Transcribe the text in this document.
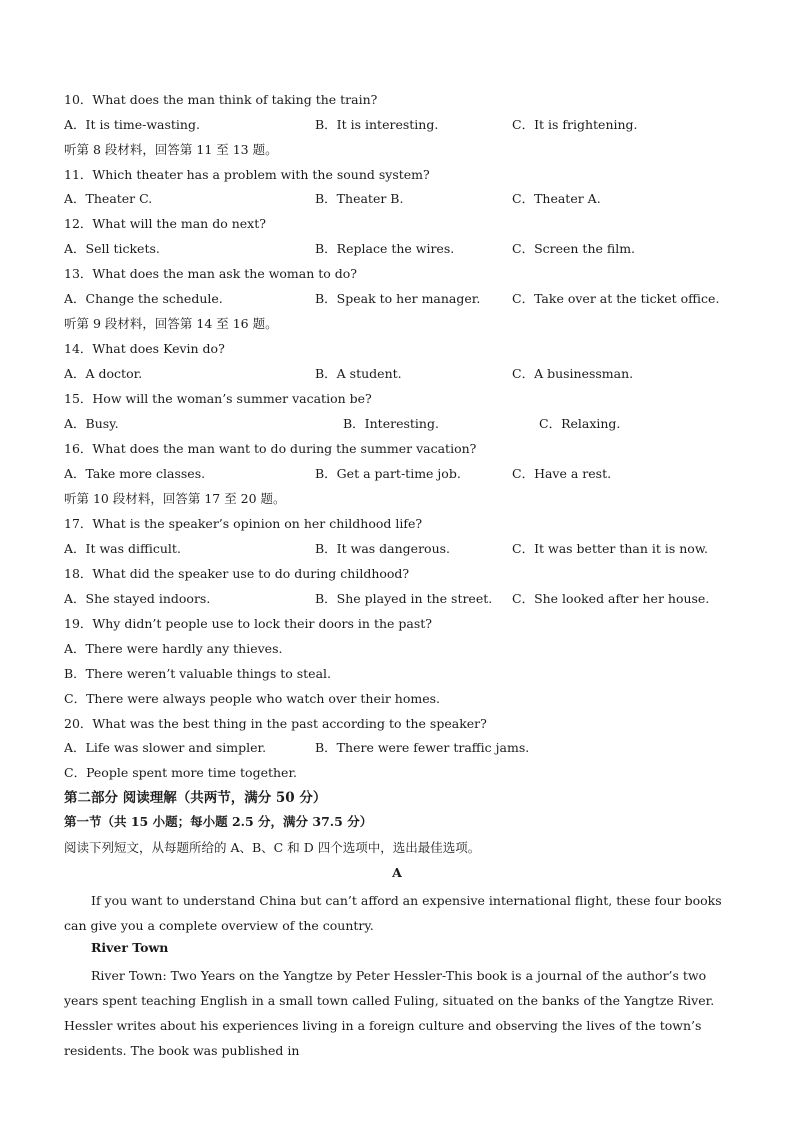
10．What does the man think of taking the train?
A．It is time-wasting.	B．It is interesting.	C．It is frightening.
听第 8 段材料，回答第 11 至 13 题。
11．Which theater has a problem with the sound system?
A．Theater C.	B．Theater B.	C．Theater A.
12．What will the man do next?
A．Sell tickets.	B．Replace the wires.	C．Screen the film.
13．What does the man ask the woman to do?
A．Change the schedule.	B．Speak to her manager.	C．Take over at the ticket office.
听第 9 段材料，回答第 14 至 16 题。
14．What does Kevin do?
A．A doctor.	B．A student.	C．A businessman.
15．How will the woman’s summer vacation be?
A．Busy.	B．Interesting.	C．Relaxing.
16．What does the man want to do during the summer vacation?
A．Take more classes.	B．Get a part-time job.	C．Have a rest.
听第 10 段材料，回答第 17 至 20 题。
17．What is the speaker’s opinion on her childhood life?
A．It was difficult.	B．It was dangerous.	C．It was better than it is now.
18．What did the speaker use to do during childhood?
A．She stayed indoors.	B．She played in the street. C．She looked after her house.
19．Why didn’t people use to lock their doors in the past?
A．There were hardly any thieves.
B．There weren’t valuable things to steal.
C．There were always people who watch over their homes.
20．What was the best thing in the past according to the speaker?
A．Life was slower and simpler.	B．There were fewer traffic jams.
C．People spent more time together.
第二部分 阅读理解（共两节，满分 50 分）
第一节（共 15 小题；每小题 2.5 分，满分 37.5 分）
阅读下列短文，从每题所给的 A、B、C 和 D 四个选项中，选出最佳选项。
A
If you want to understand China but can’t afford an expensive international flight, these four books can give you a complete overview of the country.
River Town
River Town: Two Years on the Yangtze by Peter Hessler-This book is a journal of the author’s two years spent teaching English in a small town called Fuling, situated on the banks of the Yangtze River. Hessler writes about his experiences living in a foreign culture and observing the lives of the town’s residents. The book was published in
